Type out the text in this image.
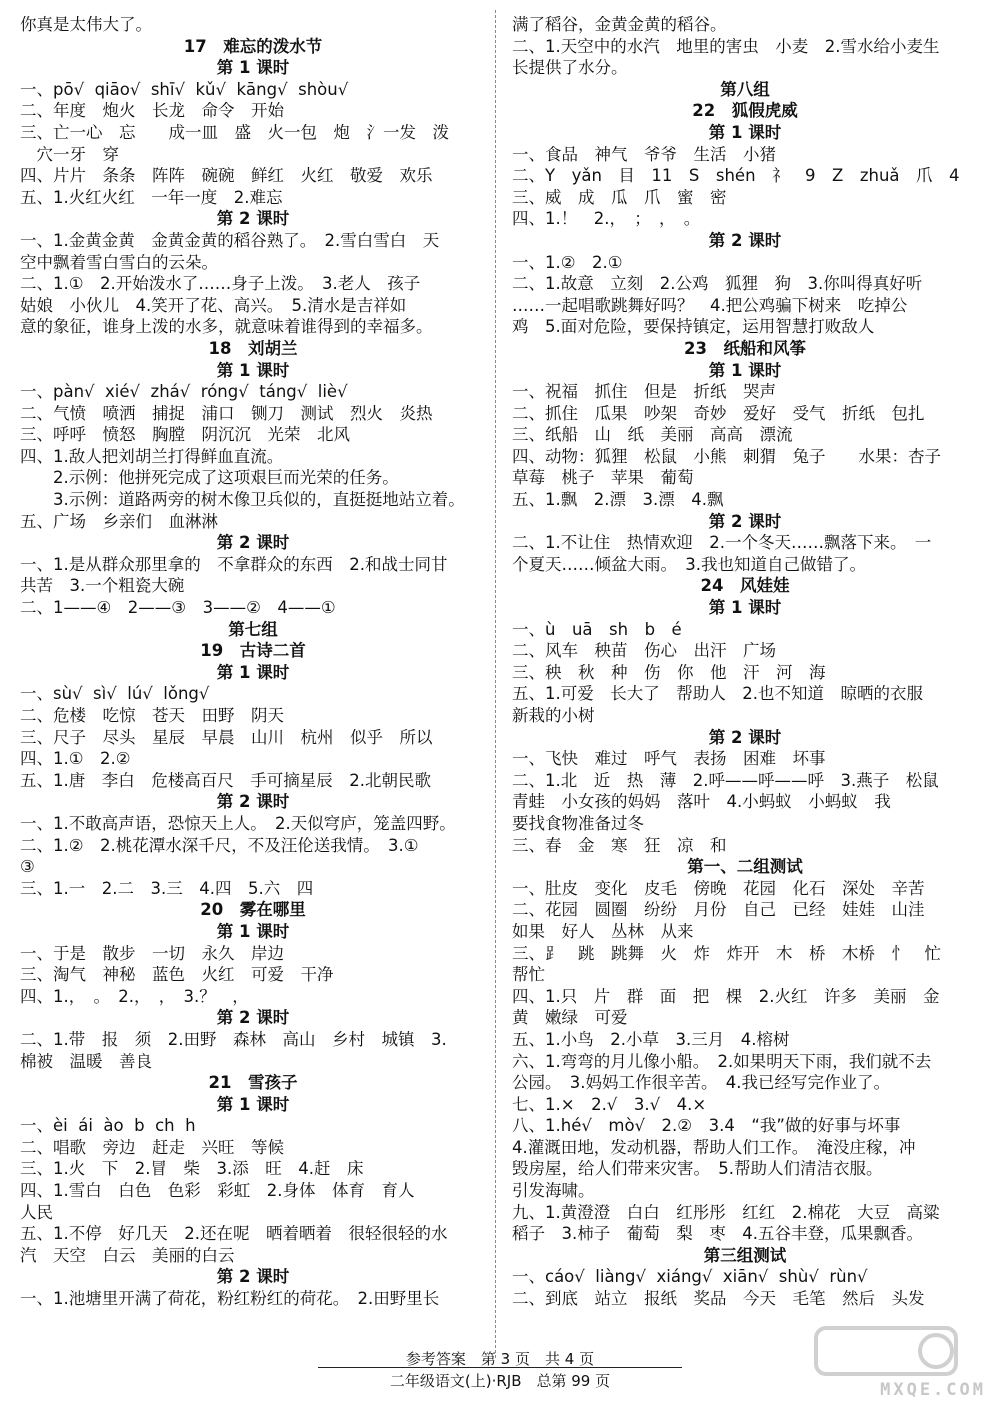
你真是太伟大了。
17　难忘的泼水节
第 1 课时
一、pō√  qiāo√  shī√  kǔ√  kāng√  shòu√
二、年度　炮火　长龙　命令　开始
三、亡一心　忘　　成一皿　盛　火一包　炮　氵一发　泼
　穴一牙　穿
四、片片　条条　阵阵　碗碗　鲜红　火红　敬爱　欢乐
五、1.火红火红　一年一度　2.难忘
第 2 课时
一、1.金黄金黄　金黄金黄的稻谷熟了。　2.雪白雪白　天
空中飘着雪白雪白的云朵。
二、1.①　2.开始泼水了……身子上泼。　3.老人　孩子
姑娘　小伙儿　4.笑开了花、高兴。　5.清水是吉祥如
意的象征，谁身上泼的水多，就意味着谁得到的幸福多。
18　刘胡兰
第 1 课时
一、pàn√  xié√  zhá√  róng√  táng√  liè√
二、气愤　喷洒　捕捉　浦口　铡刀　测试　烈火　炎热
三、呼呼　愤怒　胸膛　阴沉沉　光荣　北风
四、1.敌人把刘胡兰打得鲜血直流。
　　2.示例：他拼死完成了这项艰巨而光荣的任务。
　　3.示例：道路两旁的树木像卫兵似的，直挺挺地站立着。
五、广场　乡亲们　血淋淋
第 2 课时
一、1.是从群众那里拿的　不拿群众的东西　2.和战士同甘
共苦　3.一个粗瓷大碗
二、1——④　2——③　3——②　4——①
第七组
19　古诗二首
第 1 课时
一、sù√  sì√  lú√  lǒng√
二、危楼　吃惊　苍天　田野　阴天
三、尺子　尽头　星辰　早晨　山川　杭州　似乎　所以
四、1.①　2.②
五、1.唐　李白　危楼高百尺　手可摘星辰　2.北朝民歌
第 2 课时
一、1.不敢高声语，恐惊天上人。　2.天似穹庐，笼盖四野。
二、1.②　2.桃花潭水深千尺，不及汪伦送我情。　3.①
③
三、1.一　2.二　3.三　4.四　5.六　四
20　雾在哪里
第 1 课时
一、于是　散步　一切　永久　岸边
三、淘气　神秘　蓝色　火红　可爱　干净
四、1.，　。　2.，　，　3.？　，
第 2 课时
二、1.带　报　须　2.田野　森林　高山　乡村　城镇　3.
棉被　温暖　善良
21　雪孩子
第 1 课时
一、èi  ái  ào  b  ch  h
二、唱歌　旁边　赶走　兴旺　等候
三、1.火　下　2.冒　柴　3.添　旺　4.赶　床
四、1.雪白　白色　色彩　彩虹　2.身体　体育　育人
人民
五、1.不停　好几天　2.还在呢　晒着晒着　很轻很轻的水
汽　天空　白云　美丽的白云
第 2 课时
一、1.池塘里开满了荷花，粉红粉红的荷花。　2.田野里长
满了稻谷，金黄金黄的稻谷。
二、1.天空中的水汽　地里的害虫　小麦　2.雪水给小麦生
长提供了水分。
第八组
22　狐假虎威
第 1 课时
一、食品　神气　爷爷　生活　小猪
二、Y　yǎn　目　11　S　shén　礻　9　Z　zhuǎ　爪　4
三、威　成　瓜　爪　蜜　密
四、1.！　2.，　；　，　。
第 2 课时
一、1.②　2.①
二、1.故意　立刻　2.公鸡　狐狸　狗　3.你叫得真好听
……一起唱歌跳舞好吗？　4.把公鸡骗下树来　吃掉公
鸡　5.面对危险，要保持镇定，运用智慧打败敌人
23　纸船和风筝
第 1 课时
一、祝福　抓住　但是　折纸　哭声
二、抓住　瓜果　吵架　奇妙　爱好　受气　折纸　包扎
三、纸船　山　纸　美丽　高高　漂流
四、动物：狐狸　松鼠　小熊　刺猬　兔子　　水果：杏子
草莓　桃子　苹果　葡萄
五、1.飘　2.漂　3.漂　4.飘
第 2 课时
二、1.不让住　热情欢迎　2.一个冬天……飘落下来。　一
个夏天……倾盆大雨。　3.我也知道自己做错了。
24　风娃娃
第 1 课时
一、ù　uā　sh　b　é
二、风车　秧苗　伤心　出汗　广场
三、秧　秋　种　伤　你　他　汗　河　海
五、1.可爱　长大了　帮助人　2.也不知道　晾晒的衣服
新栽的小树
第 2 课时
一、飞快　难过　呼气　表扬　困难　坏事
二、1.北　近　热　薄　2.呼——呼——呼　3.燕子　松鼠
青蛙　小女孩的妈妈　落叶　4.小蚂蚁　小蚂蚁　我
要找食物准备过冬
三、春　金　寒　狂　凉　和
第一、二组测试
一、肚皮　变化　皮毛　傍晚　花园　化石　深处　辛苦
二、花园　圆圈　纷纷　月份　自己　已经　娃娃　山洼
如果　好人　丛林　从来
三、⻊　跳　跳舞　火　炸　炸开　木　桥　木桥　忄　忙
帮忙
四、1.只　片　群　面　把　棵　2.火红　许多　美丽　金
黄　嫩绿　可爱
五、1.小鸟　2.小草　3.三月　4.榕树
六、1.弯弯的月儿像小船。　2.如果明天下雨，我们就不去
公园。　3.妈妈工作很辛苦。　4.我已经写完作业了。
七、1.×　2.√　3.√　4.×
八、1.hé√　mò√　2.②　3.4　“我”做的好事与坏事
4.灌溉田地，发动机器，帮助人们工作。　淹没庄稼，冲
毁房屋，给人们带来灾害。　5.帮助人们清洁衣服。
引发海啸。
九、1.黄澄澄　白白　红彤彤　红红　2.棉花　大豆　高粱
稻子　3.柿子　葡萄　梨　枣　4.五谷丰登，瓜果飘香。
第三组测试
一、cáo√  liàng√  xiáng√  xiān√  shù√  rùn√
二、到底　站立　报纸　奖品　今天　毛笔　然后　头发
参考答案　第 3 页　共 4 页
二年级语文(上)·RJB　总第 99 页	MXQE.COM
